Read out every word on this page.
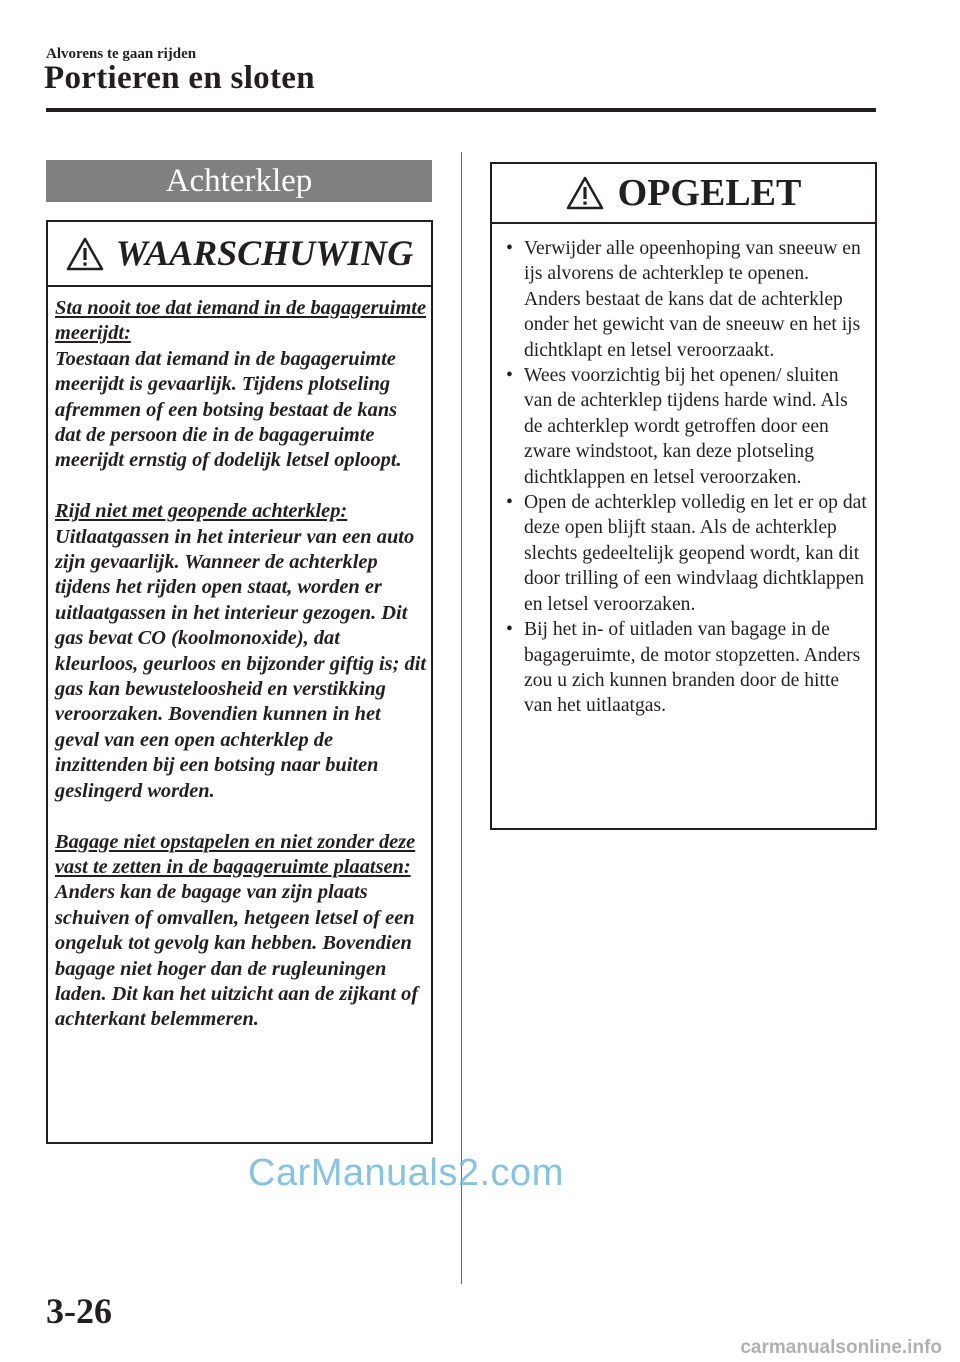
Alvorens te gaan rijden
Portieren en sloten
Achterklep
WAARSCHUWING

Sta nooit toe dat iemand in de bagageruimte meerijdt:
Toestaan dat iemand in de bagageruimte meerijdt is gevaarlijk. Tijdens plotseling afremmen of een botsing bestaat de kans dat de persoon die in de bagageruimte meerijdt ernstig of dodelijk letsel oploopt.

Rijd niet met geopende achterklep:
Uitlaatgassen in het interieur van een auto zijn gevaarlijk. Wanneer de achterklep tijdens het rijden open staat, worden er uitlaatgassen in het interieur gezogen. Dit gas bevat CO (koolmonoxide), dat kleurloos, geurloos en bijzonder giftig is; dit gas kan bewusteloosheid en verstikking veroorzaken. Bovendien kunnen in het geval van een open achterklep de inzittenden bij een botsing naar buiten geslingerd worden.

Bagage niet opstapelen en niet zonder deze vast te zetten in de bagageruimte plaatsen:
Anders kan de bagage van zijn plaats schuiven of omvallen, hetgeen letsel of een ongeluk tot gevolg kan hebben. Bovendien bagage niet hoger dan de rugleuningen laden. Dit kan het uitzicht aan de zijkant of achterkant belemmeren.

OPGELET
• Verwijder alle opeenhoping van sneeuw en ijs alvorens de achterklep te openen. Anders bestaat de kans dat de achterklep onder het gewicht van de sneeuw en het ijs dichtklapt en letsel veroorzaakt.
• Wees voorzichtig bij het openen/ sluiten van de achterklep tijdens harde wind. Als de achterklep wordt getroffen door een zware windstoot, kan deze plotseling dichtklappen en letsel veroorzaken.
• Open de achterklep volledig en let er op dat deze open blijft staan. Als de achterklep slechts gedeeltelijk geopend wordt, kan dit door trilling of een windvlaag dichtklappen en letsel veroorzaken.
• Bij het in- of uitladen van bagage in de bagageruimte, de motor stopzetten. Anders zou u zich kunnen branden door de hitte van het uitlaatgas.
CarManuals2.com
3-26
carmanualsonline.info
